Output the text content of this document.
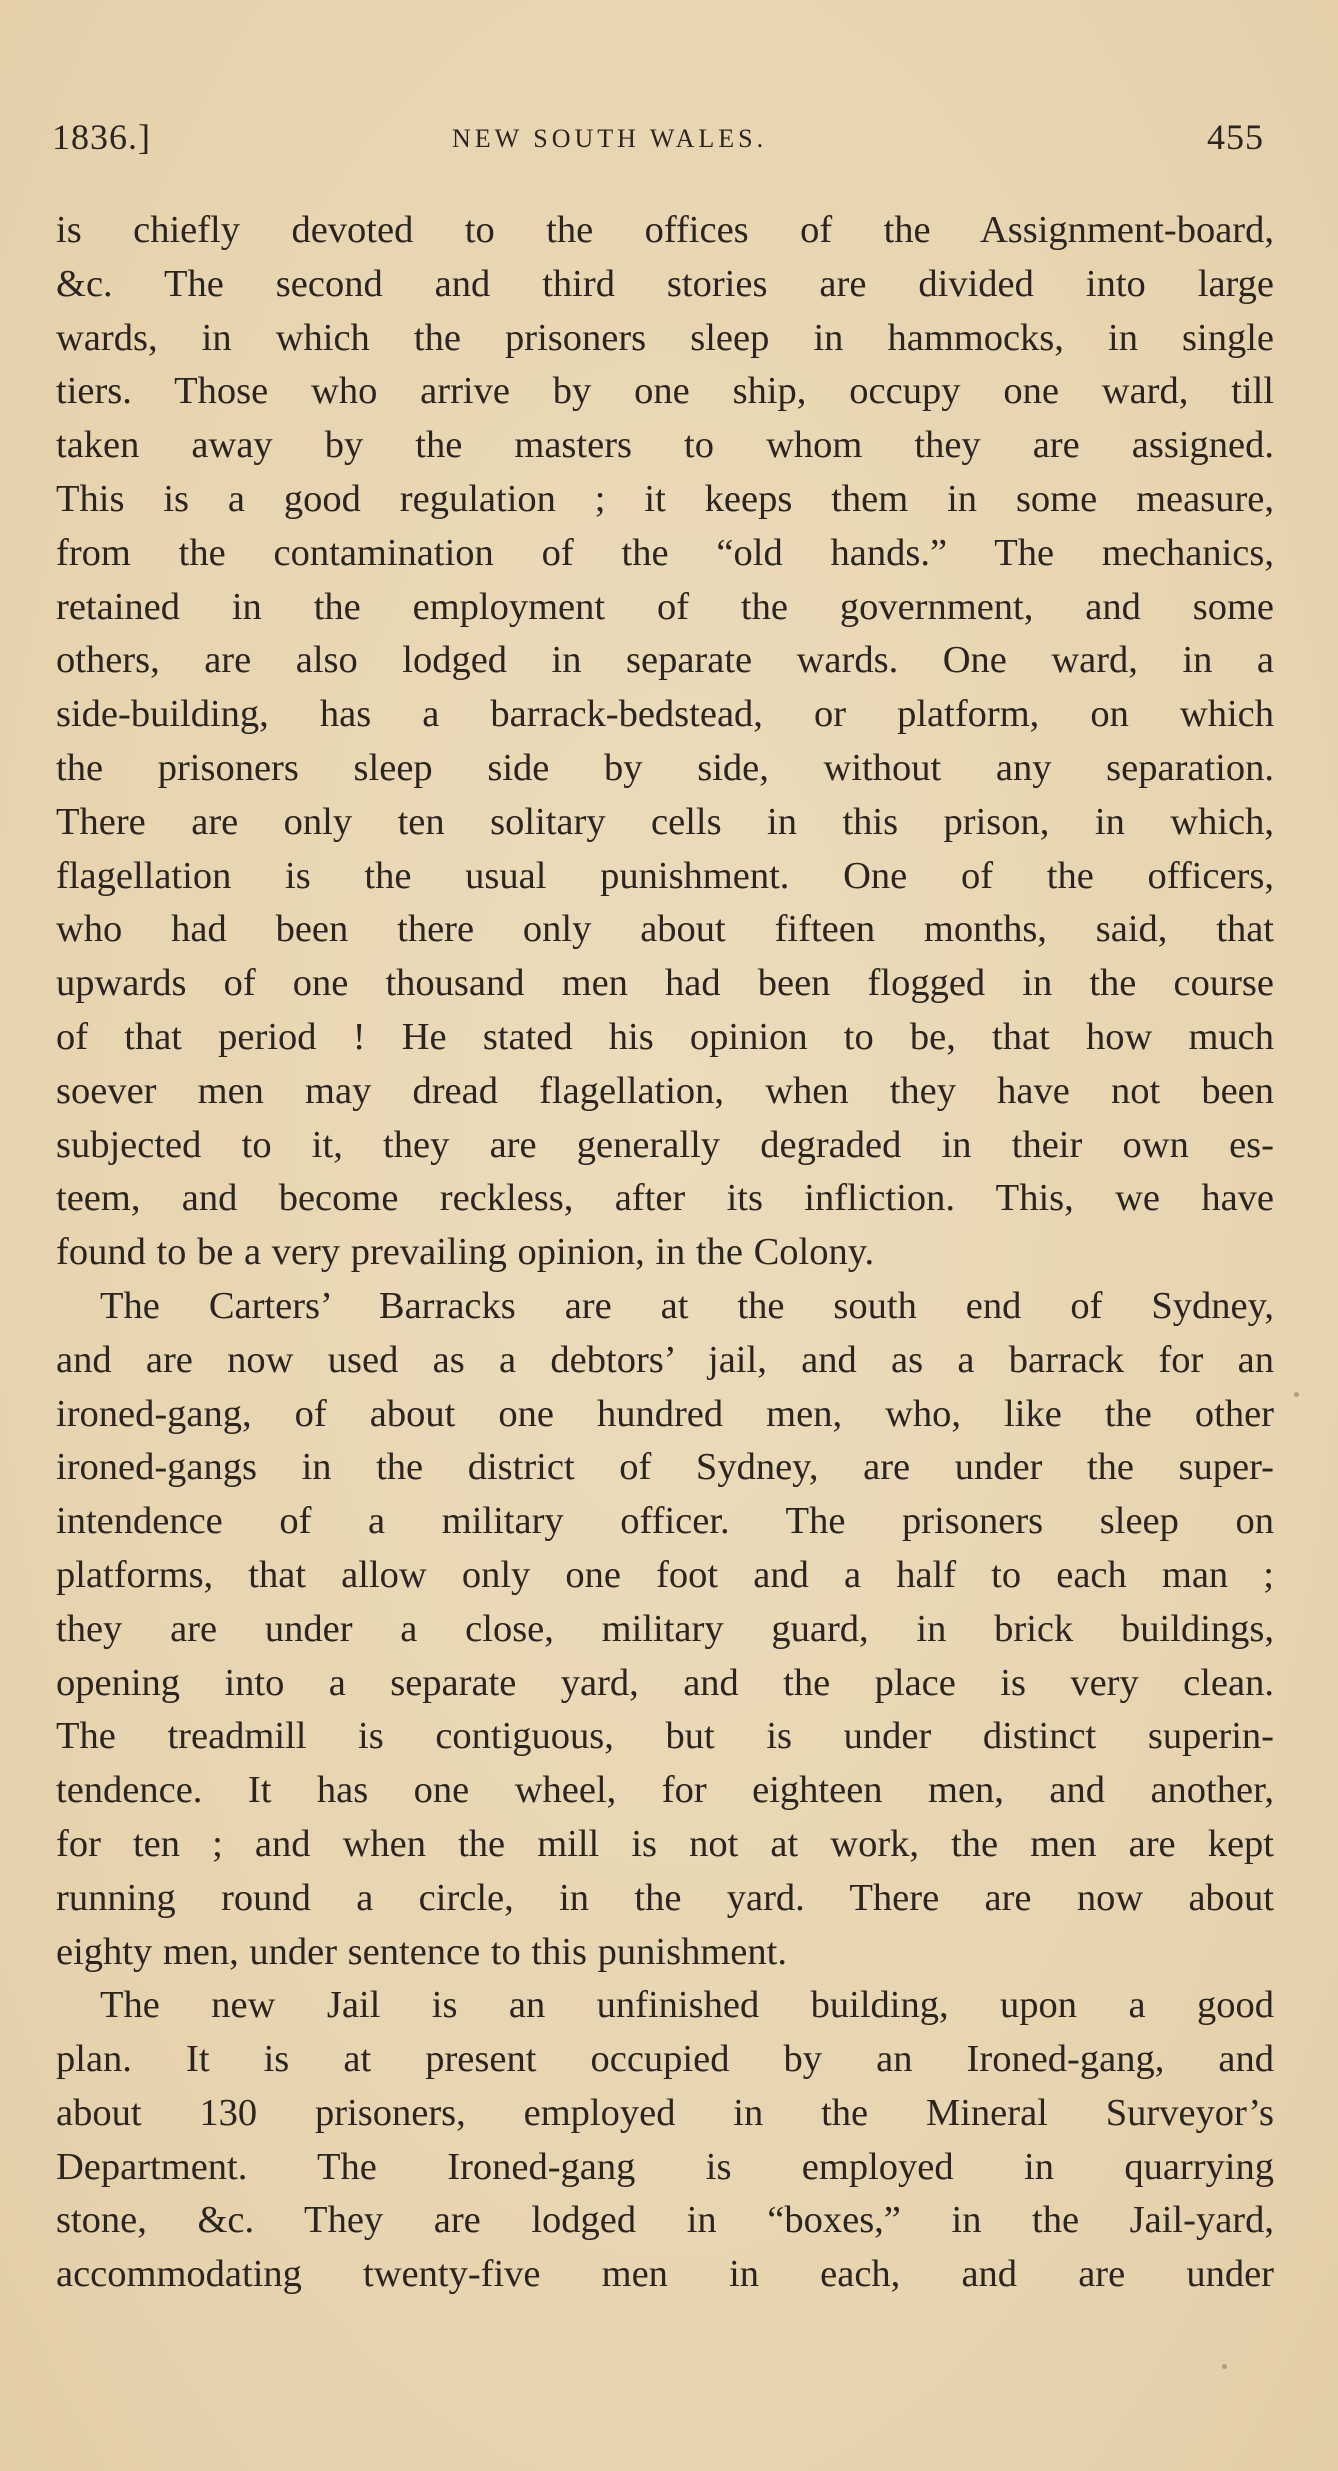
1836.]	NEW SOUTH WALES.	455
is chiefly devoted to the offices of the Assignment-board,
&c. The second and third stories are divided into large
wards, in which the prisoners sleep in hammocks, in single
tiers. Those who arrive by one ship, occupy one ward, till
taken away by the masters to whom they are assigned.
This is a good regulation ; it keeps them in some measure,
from the contamination of the “old hands.” The mechanics,
retained in the employment of the government, and some
others, are also lodged in separate wards. One ward, in a
side-building, has a barrack-bedstead, or platform, on which
the prisoners sleep side by side, without any separation.
There are only ten solitary cells in this prison, in which,
flagellation is the usual punishment. One of the officers,
who had been there only about fifteen months, said, that
upwards of one thousand men had been flogged in the course
of that period ! He stated his opinion to be, that how much
soever men may dread flagellation, when they have not been
subjected to it, they are generally degraded in their own es-
teem, and become reckless, after its infliction. This, we have
found to be a very prevailing opinion, in the Colony.
The Carters’ Barracks are at the south end of Sydney,
and are now used as a debtors’ jail, and as a barrack for an
ironed-gang, of about one hundred men, who, like the other
ironed-gangs in the district of Sydney, are under the super-
intendence of a military officer. The prisoners sleep on
platforms, that allow only one foot and a half to each man ;
they are under a close, military guard, in brick buildings,
opening into a separate yard, and the place is very clean.
The treadmill is contiguous, but is under distinct superin-
tendence. It has one wheel, for eighteen men, and another,
for ten ; and when the mill is not at work, the men are kept
running round a circle, in the yard. There are now about
eighty men, under sentence to this punishment.
The new Jail is an unfinished building, upon a good
plan. It is at present occupied by an Ironed-gang, and
about 130 prisoners, employed in the Mineral Surveyor’s
Department. The Ironed-gang is employed in quarrying
stone, &c. They are lodged in “boxes,” in the Jail-yard,
accommodating twenty-five men in each, and are under
